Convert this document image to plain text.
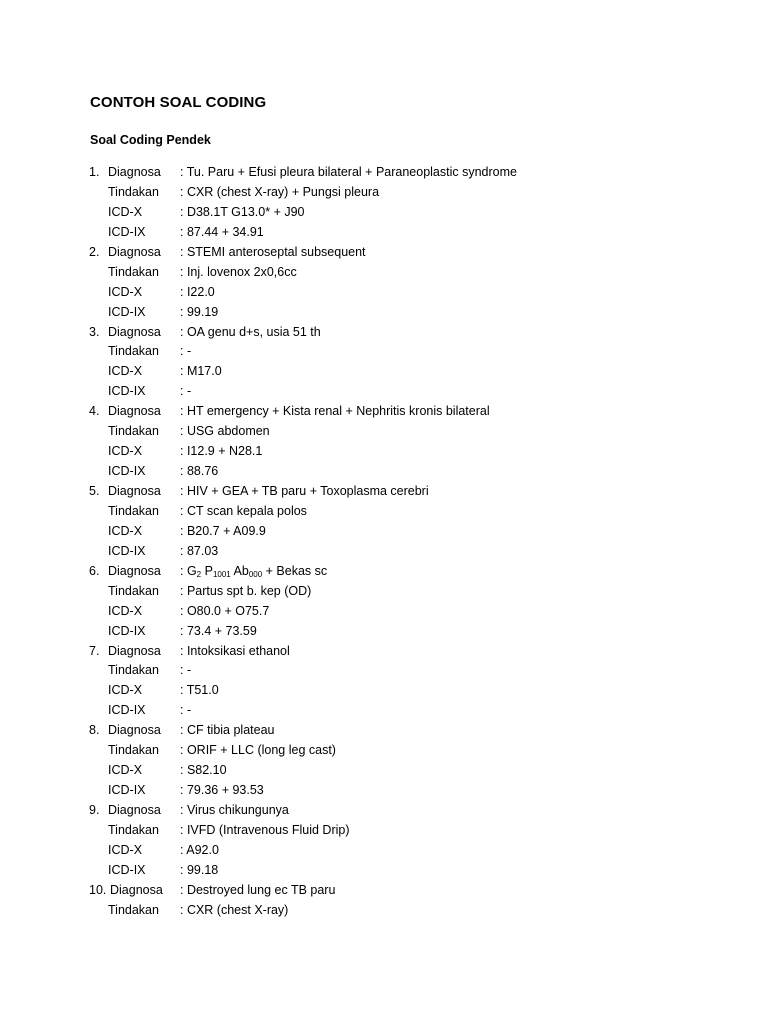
CONTOH SOAL CODING
Soal Coding Pendek
1. Diagnosa : Tu. Paru + Efusi pleura bilateral + Paraneoplastic syndrome
Tindakan : CXR (chest X-ray) + Pungsi pleura
ICD-X	: D38.1T G13.0* + J90
ICD-IX	: 87.44 + 34.91
2. Diagnosa : STEMI anteroseptal subsequent
Tindakan : Inj. lovenox 2x0,6cc
ICD-X	: I22.0
ICD-IX	: 99.19
3. Diagnosa : OA genu d+s, usia 51 th
Tindakan : -
ICD-X	: M17.0
ICD-IX	: -
4. Diagnosa : HT emergency + Kista renal + Nephritis kronis bilateral
Tindakan : USG abdomen
ICD-X	: I12.9 + N28.1
ICD-IX	: 88.76
5. Diagnosa : HIV + GEA + TB paru + Toxoplasma cerebri
Tindakan : CT scan kepala polos
ICD-X	: B20.7 + A09.9
ICD-IX	: 87.03
6. Diagnosa : $G_2$ $P_{1001}$ $Ab_{000}$ + Bekas sc
Tindakan : Partus spt b. kep (OD)
ICD-X	: O80.0 + O75.7
ICD-IX	: 73.4 + 73.59
7. Diagnosa : Intoksikasi ethanol
Tindakan : -
ICD-X	: T51.0
ICD-IX	: -
8. Diagnosa : CF tibia plateau
Tindakan : ORIF + LLC (long leg cast)
ICD-X	: S82.10
ICD-IX	: 79.36 + 93.53
9. Diagnosa : Virus chikungunya
Tindakan : IVFD (Intravenous Fluid Drip)
ICD-X	: A92.0
ICD-IX	: 99.18
10. Diagnosa : Destroyed lung ec TB paru
Tindakan : CXR (chest X-ray)
